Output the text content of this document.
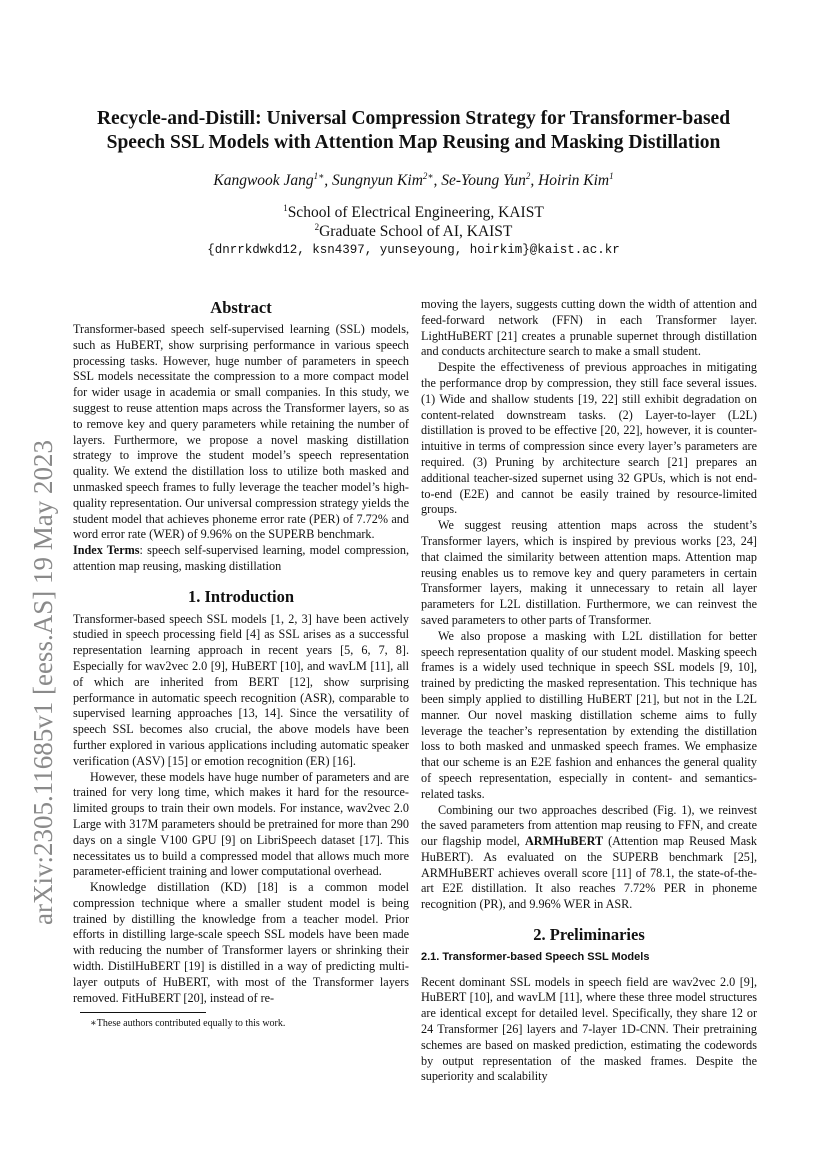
arXiv:2305.11685v1 [eess.AS] 19 May 2023
Recycle-and-Distill: Universal Compression Strategy for Transformer-based
Speech SSL Models with Attention Map Reusing and Masking Distillation
Kangwook Jang$^{1∗}$, Sungnyun Kim$^{2∗}$, Se-Young Yun$^2$, Hoirin Kim$^1$
$^1$School of Electrical Engineering, KAIST
$^2$Graduate School of AI, KAIST
{dnrrkdwkd12, ksn4397, yunseyoung, hoirkim}@kaist.ac.kr
Abstract

Transformer-based speech self-supervised learning (SSL) models, such as HuBERT, show surprising performance in various speech processing tasks. However, huge number of parameters in speech SSL models necessitate the compression to a more compact model for wider usage in academia or small companies. In this study, we suggest to reuse attention maps across the Transformer layers, so as to remove key and query parameters while retaining the number of layers. Furthermore, we propose a novel masking distillation strategy to improve the student model’s speech representation quality. We extend the distillation loss to utilize both masked and unmasked speech frames to fully leverage the teacher model’s high-quality representation. Our universal compression strategy yields the student model that achieves phoneme error rate (PER) of 7.72% and word error rate (WER) of 9.96% on the SUPERB benchmark.

Index Terms: speech self-supervised learning, model compression, attention map reusing, masking distillation

1. Introduction

Transformer-based speech SSL models [1, 2, 3] have been actively studied in speech processing field [4] as SSL arises as a successful representation learning approach in recent years [5, 6, 7, 8]. Especially for wav2vec 2.0 [9], HuBERT [10], and wavLM [11], all of which are inherited from BERT [12], show surprising performance in automatic speech recognition (ASR), comparable to supervised learning approaches [13, 14]. Since the versatility of speech SSL becomes also crucial, the above models have been further explored in various applications including automatic speaker verification (ASV) [15] or emotion recognition (ER) [16].

However, these models have huge number of parameters and are trained for very long time, which makes it hard for the resource-limited groups to train their own models. For instance, wav2vec 2.0 Large with 317M parameters should be pretrained for more than 290 days on a single V100 GPU [9] on LibriSpeech dataset [17]. This necessitates us to build a compressed model that allows much more parameter-efficient training and lower computational overhead.

Knowledge distillation (KD) [18] is a common model compression technique where a smaller student model is being trained by distilling the knowledge from a teacher model. Prior efforts in distilling large-scale speech SSL models have been made with reducing the number of Transformer layers or shrinking their width. DistilHuBERT [19] is distilled in a way of predicting multi-layer outputs of HuBERT, with most of the Transformer layers removed. FitHuBERT [20], instead of re-

moving the layers, suggests cutting down the width of attention and feed-forward network (FFN) in each Transformer layer. LightHuBERT [21] creates a prunable supernet through distillation and conducts architecture search to make a small student.

Despite the effectiveness of previous approaches in mitigating the performance drop by compression, they still face several issues. (1) Wide and shallow students [19, 22] still exhibit degradation on content-related downstream tasks. (2) Layer-to-layer (L2L) distillation is proved to be effective [20, 22], however, it is counter-intuitive in terms of compression since every layer’s parameters are required. (3) Pruning by architecture search [21] prepares an additional teacher-sized supernet using 32 GPUs, which is not end-to-end (E2E) and cannot be easily trained by resource-limited groups.

We suggest reusing attention maps across the student’s Transformer layers, which is inspired by previous works [23, 24] that claimed the similarity between attention maps. Attention map reusing enables us to remove key and query parameters in certain Transformer layers, making it unnecessary to retain all layer parameters for L2L distillation. Furthermore, we can reinvest the saved parameters to other parts of Transformer.

We also propose a masking with L2L distillation for better speech representation quality of our student model. Masking speech frames is a widely used technique in speech SSL models [9, 10], trained by predicting the masked representation. This technique has been simply applied to distilling HuBERT [21], but not in the L2L manner. Our novel masking distillation scheme aims to fully leverage the teacher’s representation by extending the distillation loss to both masked and unmasked speech frames. We emphasize that our scheme is an E2E fashion and enhances the general quality of speech representation, especially in content- and semantics-related tasks.

Combining our two approaches described (Fig. 1), we reinvest the saved parameters from attention map reusing to FFN, and create our flagship model, ARMHuBERT (Attention map Reused Mask HuBERT). As evaluated on the SUPERB benchmark [25], ARMHuBERT achieves overall score [11] of 78.1, the state-of-the-art E2E distillation. It also reaches 7.72% PER in phoneme recognition (PR), and 9.96% WER in ASR.

2. Preliminaries
2.1. Transformer-based Speech SSL Models

Recent dominant SSL models in speech field are wav2vec 2.0 [9], HuBERT [10], and wavLM [11], where these three model structures are identical except for detailed level. Specifically, they share 12 or 24 Transformer [26] layers and 7-layer 1D-CNN. Their pretraining schemes are based on masked prediction, estimating the codewords by output representation of the masked frames. Despite the superiority and scalability

∗These authors contributed equally to this work.
